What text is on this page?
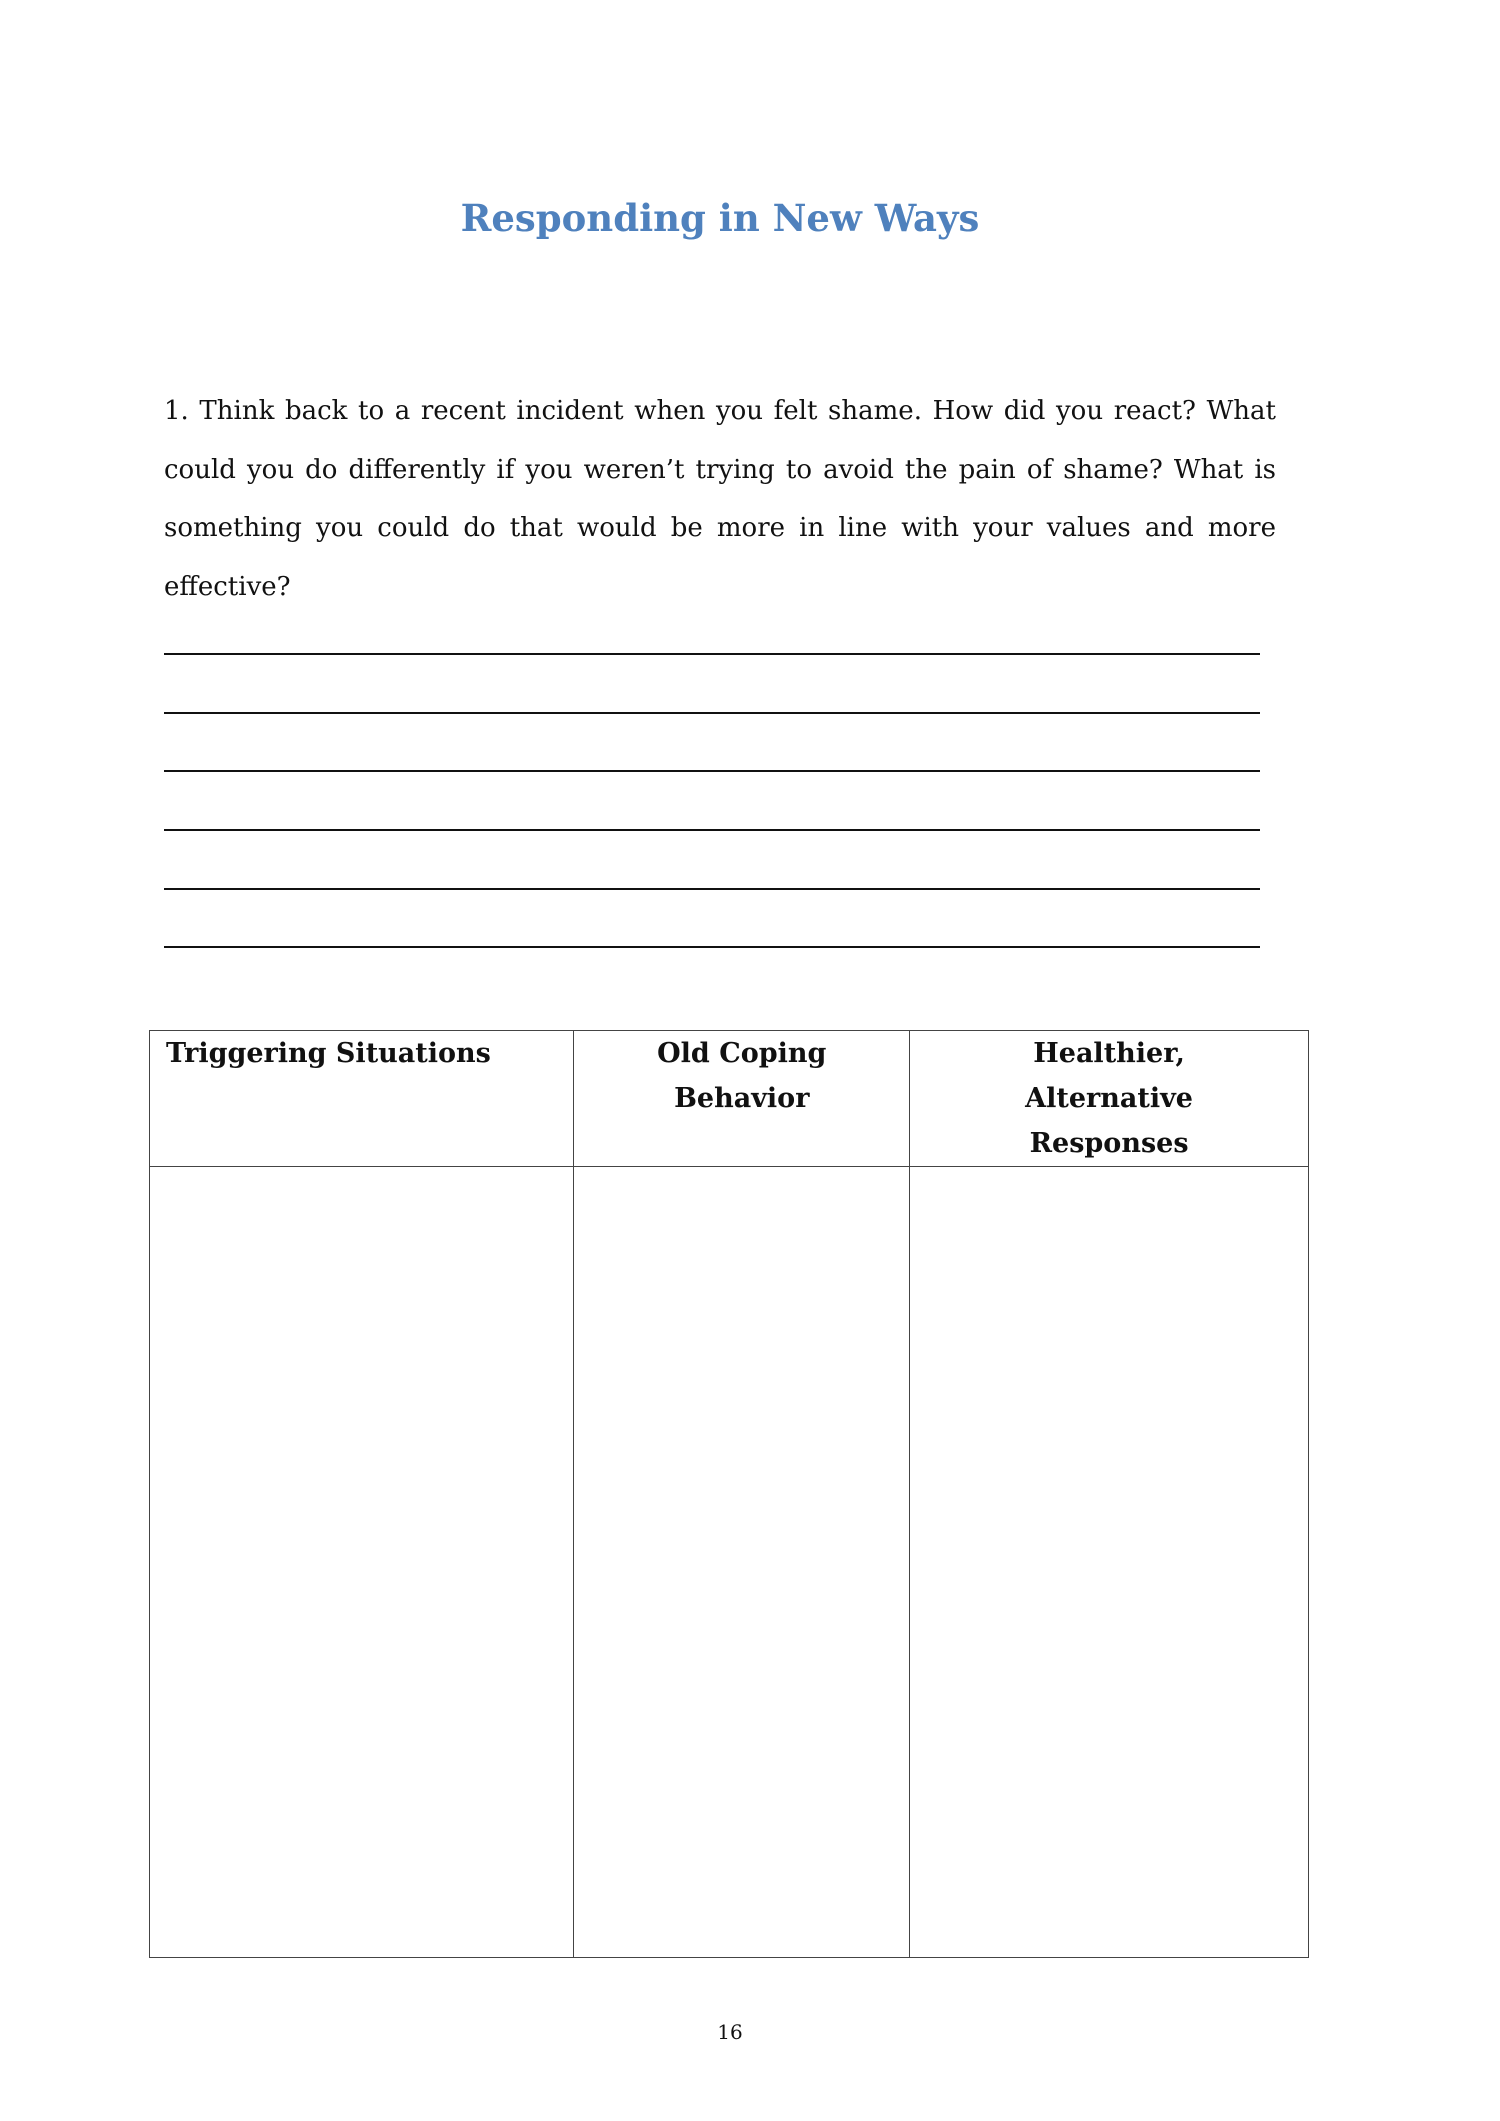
Responding in New Ways
1. Think back to a recent incident when you felt shame. How did you react? What could you do differently if you weren’t trying to avoid the pain of shame? What is something you could do that would be more in line with your values and more effective?
Triggering Situations	Old Coping Behavior	Healthier, Alternative Responses

16
